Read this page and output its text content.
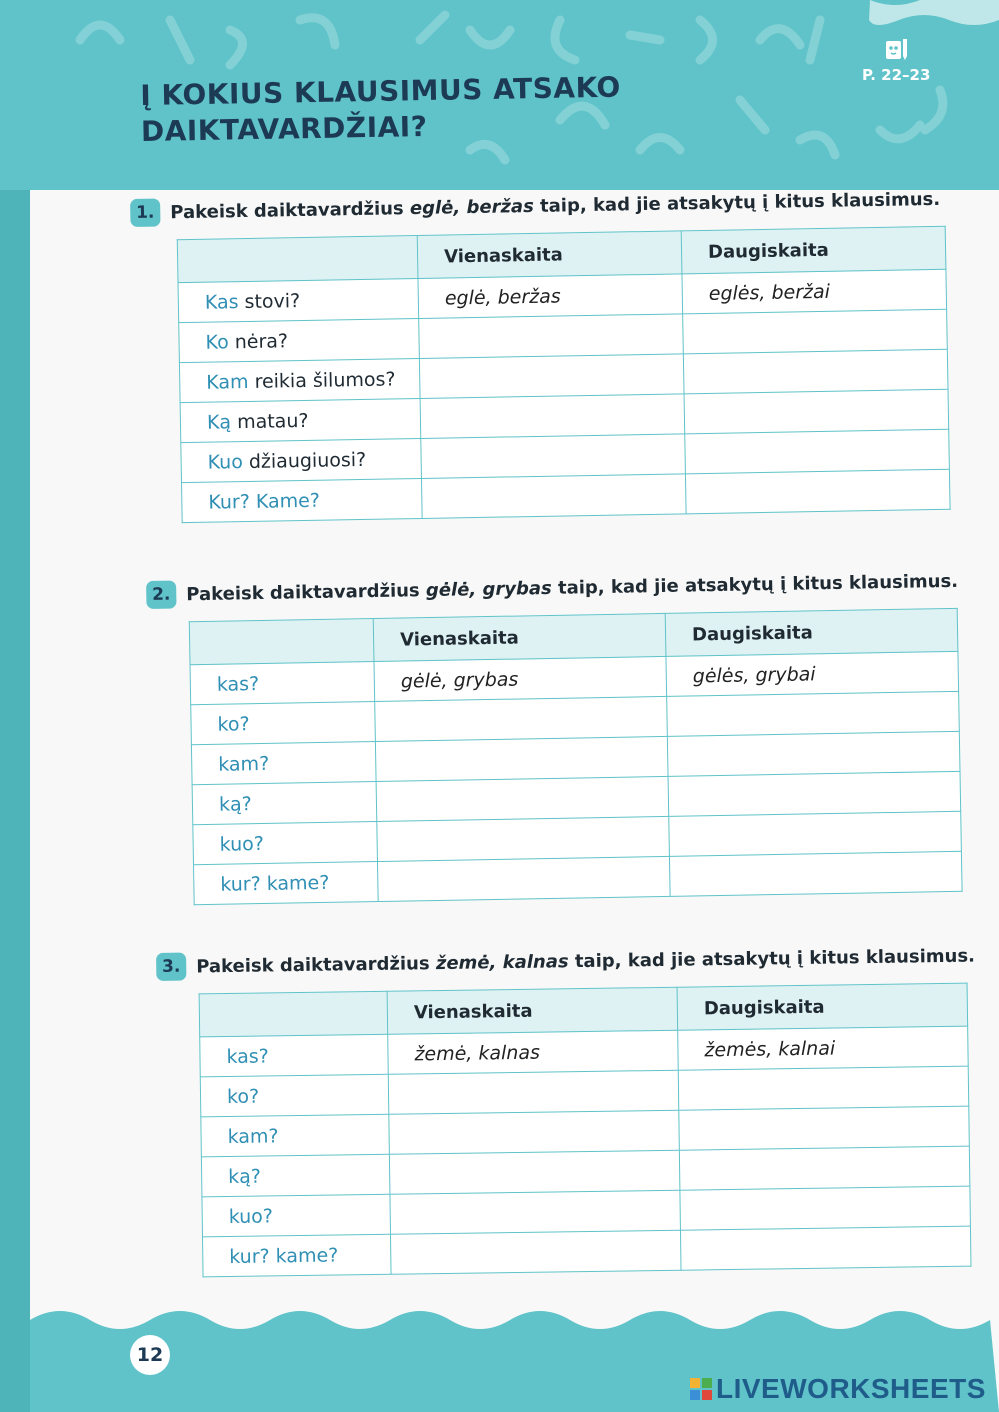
Į KOKIUS KLAUSIMUS ATSAKO
DAIKTAVARDŽIAI?
P. 22–23
1. Pakeisk daiktavardžius eglė, beržas taip, kad jie atsakytų į kitus klausimus.
	Vienaskaita	Daugiskaita
Kas stovi?	eglė, beržas	eglės, beržai
Ko nėra?		
Kam reikia šilumos?		
Ką matau?		
Kuo džiaugiuosi?		
Kur? Kame?		
2. Pakeisk daiktavardžius gėlė, grybas taip, kad jie atsakytų į kitus klausimus.
	Vienaskaita	Daugiskaita
kas?	gėlė, grybas	gėlės, grybai
ko?		
kam?		
ką?		
kuo?		
kur? kame?		
3. Pakeisk daiktavardžius žemė, kalnas taip, kad jie atsakytų į kitus klausimus.
	Vienaskaita	Daugiskaita
kas?	žemė, kalnas	žemės, kalnai
ko?		
kam?		
ką?		
kuo?		
kur? kame?		
12
LIVEWORKSHEETS
